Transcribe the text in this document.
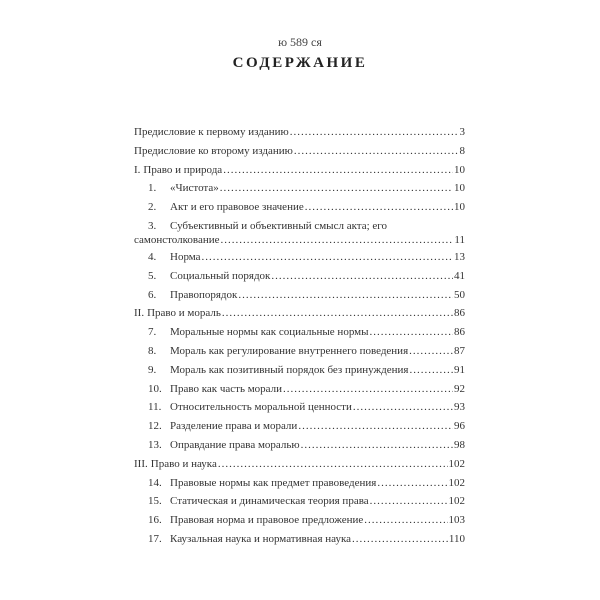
ю 589 ся
СОДЕРЖАНИЕ
Предисловие к первому изданию .....	3
Предисловие ко второму изданию .....	8
I. Право и природа .....	10
1.	«Чистота» .....	10
2.	Акт и его правовое значение .....	10
3.	Субъективный и объективный смысл акта; его
самонстолкование .....	11
4.	Норма .....	13
5.	Социальный порядок .....	41
6.	Правопорядок .....	50
II. Право и мораль .....	86
7.	Моральные нормы как социальные нормы .....	86
8.	Мораль как регулирование внутреннего поведения .....	87
9.	Мораль как позитивный порядок без принуждения .....	91
10. Право как часть морали .....	92
11. Относительность моральной ценности .....	93
12. Разделение права и морали .....	96
13. Оправдание права моралью .....	98
III. Право и наука .....	102
14. Правовые нормы как предмет правоведения .....	102
15. Статическая и динамическая теория права .....	102
16. Правовая норма и правовое предложение .....	103
17. Каузальная наука и нормативная наука .....	110
